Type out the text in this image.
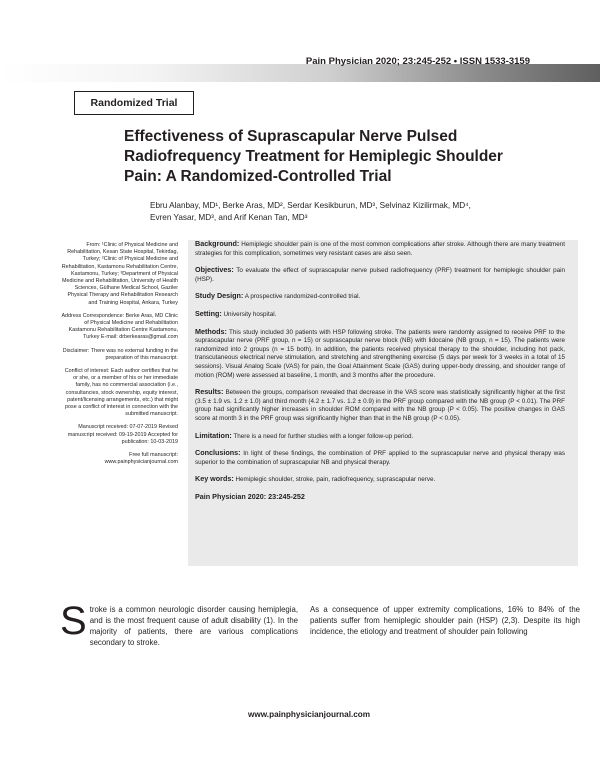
Pain Physician 2020; 23:245-252 • ISSN 1533-3159
Randomized Trial
Effectiveness of Suprascapular Nerve Pulsed Radiofrequency Treatment for Hemiplegic Shoulder Pain: A Randomized-Controlled Trial
Ebru Alanbay, MD¹, Berke Aras, MD², Serdar Kesikburun, MD³, Selvinaz Kizilirmak, MD⁴,
Evren Yasar, MD³, and Arif Kenan Tan, MD³

From: ¹Clinic of Physical Medicine and Rehabilitation, Kesan State Hospital, Tekirdag, Turkey; ²Clinic of Physical Medicine and Rehabilitation, Kastamonu Rehabilitation Centre, Kastamonu, Turkey; ³Department of Physical Medicine and Rehabilitation, University of Health Sciences, Gülhane Medical School, Gaziler Physical Therapy and Rehabilitation Research and Training Hospital, Ankara, Turkey

Address Correspondence: Berke Aras, MD Clinic of Physical Medicine and Rehabilitation Kastamonu Rehabilitation Centre Kastamonu, Turkey E-mail: drberkearas@gmail.com

Disclaimer: There was no external funding in the preparation of this manuscript.

Conflict of interest: Each author certifies that he or she, or a member of his or her immediate family, has no commercial association (i.e., consultancies, stock ownership, equity interest, patent/licensing arrangements, etc.) that might pose a conflict of interest in connection with the submitted manuscript.

Manuscript received: 07-07-2019 Revised manuscript received: 09-19-2019 Accepted for publication: 10-03-2019

Free full manuscript: www.painphysicianjournal.com

Background: Hemiplegic shoulder pain is one of the most common complications after stroke. Although there are many treatment strategies for this complication, sometimes very resistant cases are also seen.

Objectives: To evaluate the effect of suprascapular nerve pulsed radiofrequency (PRF) treatment for hemiplegic shoulder pain (HSP).

Study Design: A prospective randomized-controlled trial.

Setting: University hospital.

Methods: This study included 30 patients with HSP following stroke. The patients were randomly assigned to receive PRF to the suprascapular nerve (PRF group, n = 15) or suprascapular nerve block (NB) with lidocaine (NB group, n = 15). The patients were randomized into 2 groups (n = 15 both). In addition, the patients received physical therapy to the shoulder, including hot pack, transcutaneous electrical nerve stimulation, and stretching and strengthening exercise (5 days per week for 3 weeks in a total of 15 sessions). Visual Analog Scale (VAS) for pain, the Goal Attainment Scale (GAS) during upper-body dressing, and shoulder range of motion (ROM) were assessed at baseline, 1 month, and 3 months after the procedure.

Results: Between the groups, comparison revealed that decrease in the VAS score was statistically significantly higher at the first (3.5 ± 1.9 vs. 1.2 ± 1.0) and third month (4.2 ± 1.7 vs. 1.2 ± 0.9) in the PRF group compared with the NB group (P < 0.01). The PRF group had significantly higher increases in shoulder ROM compared with the NB group (P < 0.05). The positive changes in GAS score at month 3 in the PRF group was significantly higher than that in the NB group (P < 0.05).

Limitation: There is a need for further studies with a longer follow-up period.

Conclusions: In light of these findings, the combination of PRF applied to the suprascapular nerve and physical therapy was superior to the combination of suprascapular NB and physical therapy.

Key words: Hemiplegic shoulder, stroke, pain, radiofrequency, suprascapular nerve.

Pain Physician 2020: 23:245-252

Stroke is a common neurologic disorder causing hemiplegia, and is the most frequent cause of adult disability (1). In the majority of patients, there are various complications secondary to stroke.
As a consequence of upper extremity complications, 16% to 84% of the patients suffer from hemiplegic shoulder pain (HSP) (2,3). Despite its high incidence, the etiology and treatment of shoulder pain following
www.painphysicianjournal.com
